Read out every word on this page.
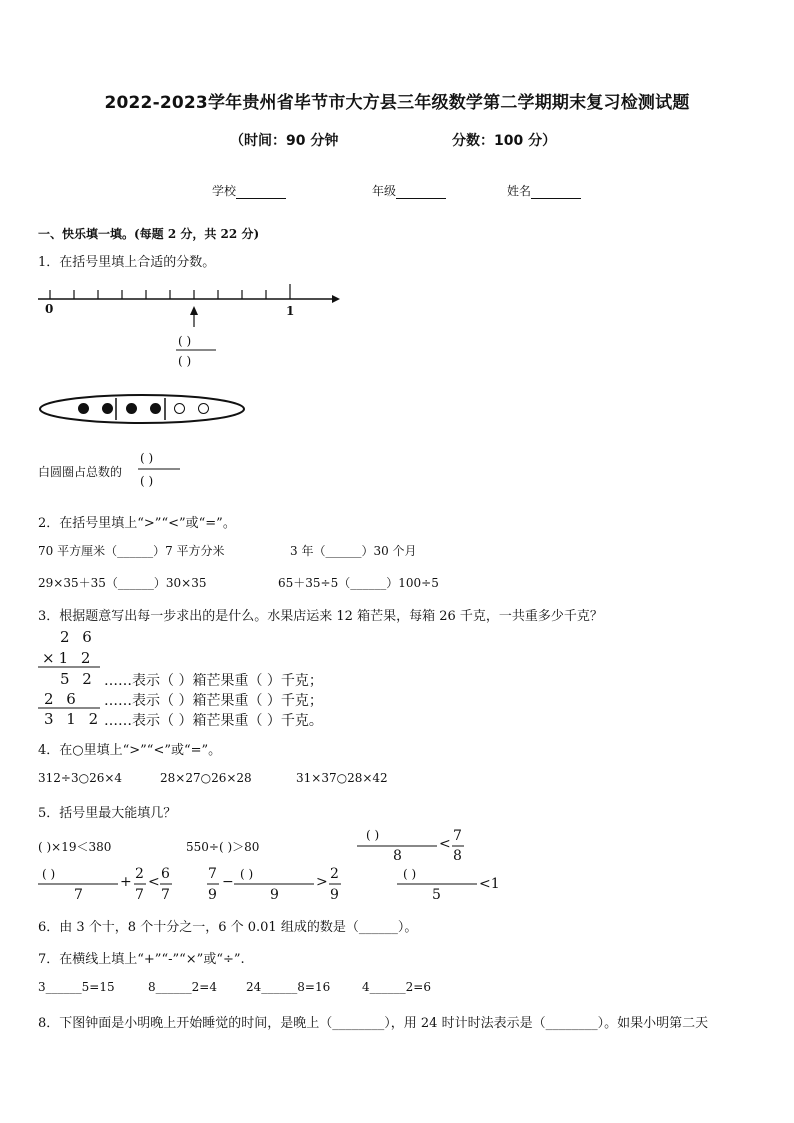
2022-2023学年贵州省毕节市大方县三年级数学第二学期期末复习检测试题
（时间：90 分钟	分数：100 分）
学校	年级	姓名
一、快乐填一填。(每题 2 分，共 22 分)
1．在括号里填上合适的分数。
0	1
( )
( )
白圆圈占总数的
( )
( )
2．在括号里填上“>”“<”或“=”。
70 平方厘米（______）7 平方分米	3 年（______）30 个月
29×35＋35（______）30×35	65＋35÷5（______）100÷5
3．根据题意写出每一步求出的是什么。水果店运来 12 箱芒果，每箱 26 千克，一共重多少千克？
2 6
×1 2
5 2
2 6
3 1 2
……表示（ ）箱芒果重（ ）千克；
……表示（ ）箱芒果重（ ）千克；
……表示（ ）箱芒果重（ ）千克。
4．在○里填上“>”“<”或“=”。
312÷3○26×4	28×27○26×28	31×37○28×42
5．括号里最大能填几？
( )×19＜380	550÷( )＞80
( )
8
< 7
8
( )
7
+ 2
7
< 6
7
7
9
− ( )
9
> 2
9
( )
5
<1
6．由 3 个十，8 个十分之一，6 个 0.01 组成的数是（______）。
7．在横线上填上“+”“-”“×”或“÷”.
3______5=15	8______2=4 24______8=16	4______2=6
8．下图钟面是小明晚上开始睡觉的时间，是晚上（________），用 24 时计时法表示是（________）。如果小明第二天
